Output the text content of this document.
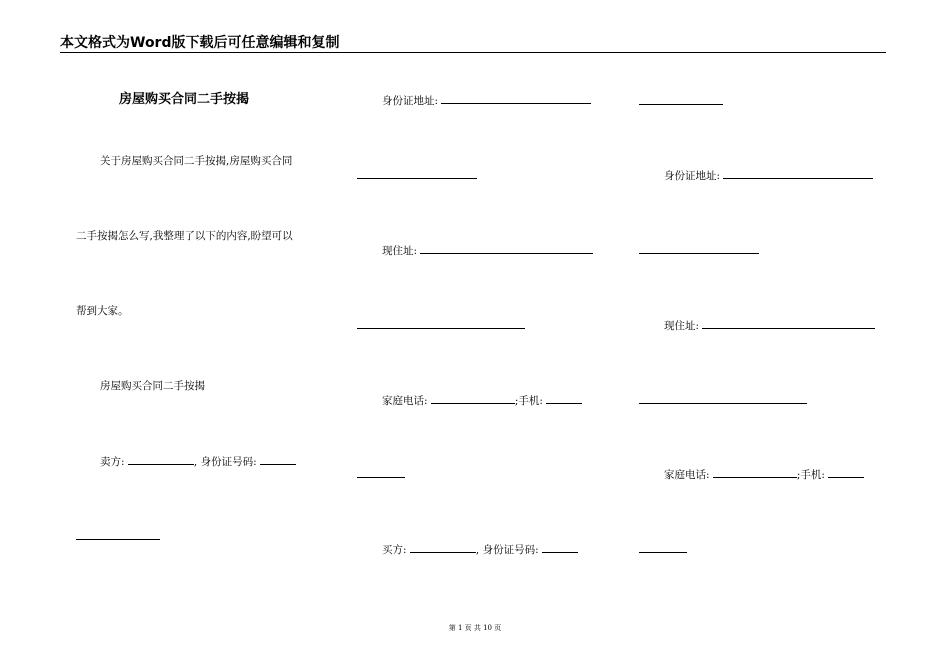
本文格式为Word版下载后可任意编辑和复制
房屋购买合同二手按揭
关于房屋购买合同二手按揭,房屋购买合同
二手按揭怎么写,我整理了以下的内容,盼望可以
帮到大家。
房屋购买合同二手按揭
卖方:	, 身份证号码:
身份证地址:
现住址:
家庭电话:	;手机:
买方:	, 身份证号码:
身份证地址:
现住址:
家庭电话:	;手机:
第 1 页 共 10 页
